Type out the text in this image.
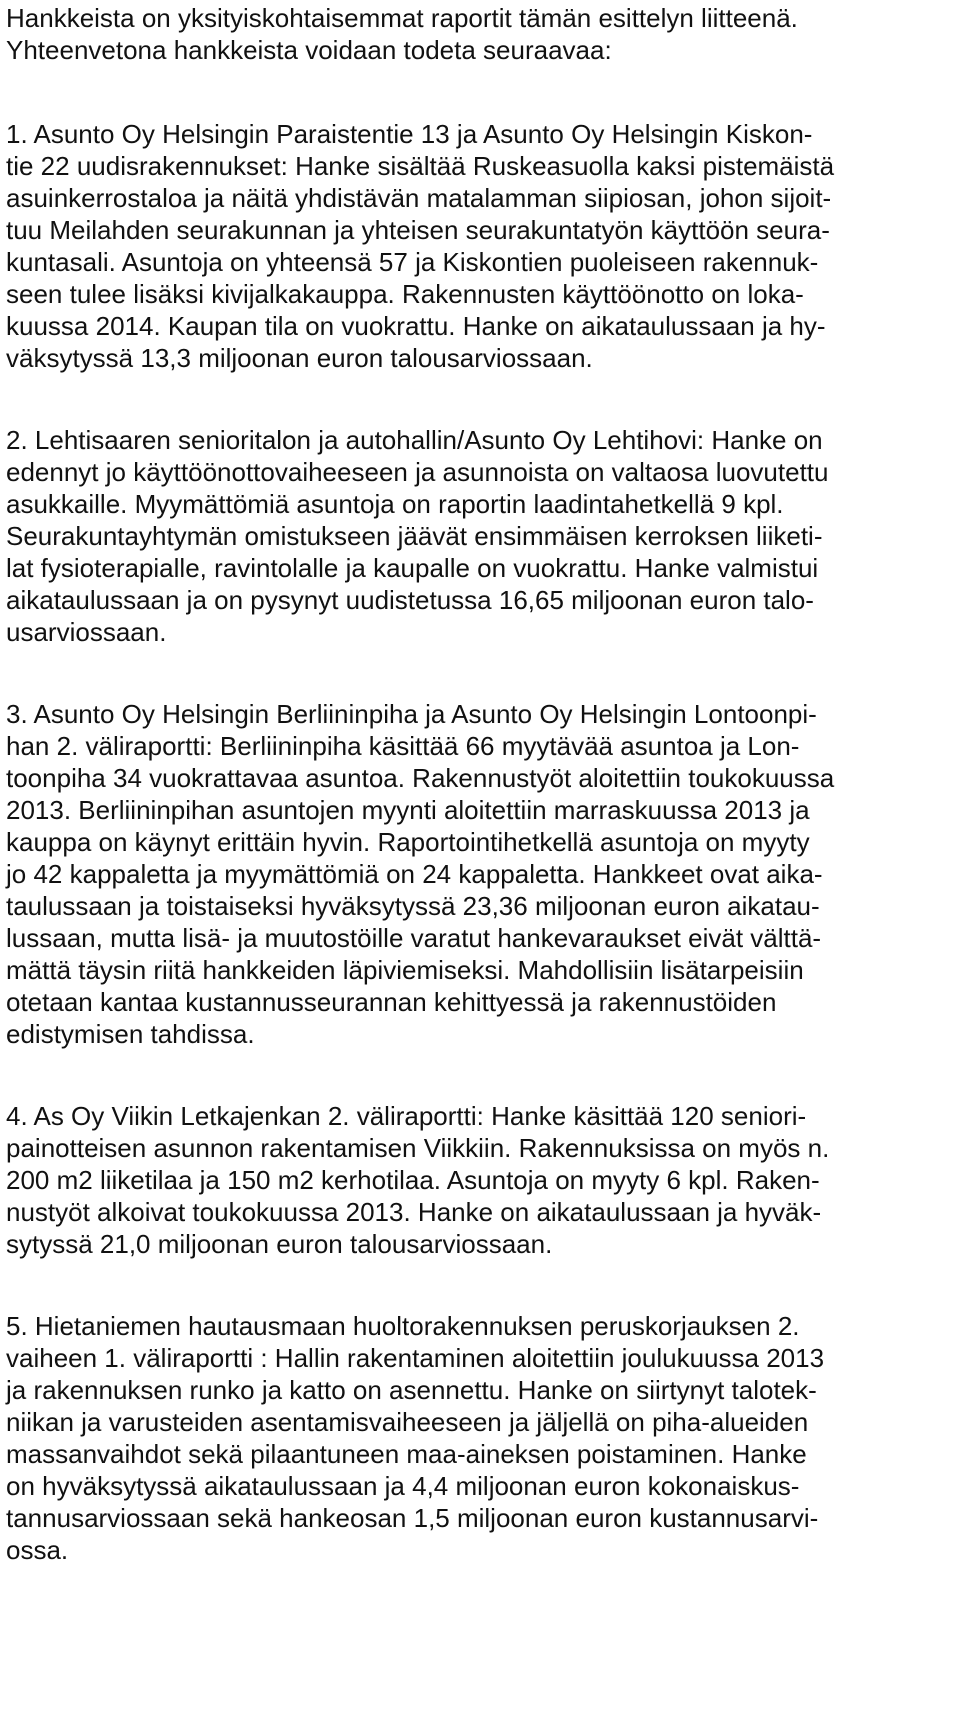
Hankkeista on yksityiskohtaisemmat raportit tämän esittelyn liitteenä.

Yhteenvetona hankkeista voidaan todeta seuraavaa:

1. Asunto Oy Helsingin Paraistentie 13 ja Asunto Oy Helsingin Kiskon-

tie 22 uudisrakennukset: Hanke sisältää Ruskeasuolla kaksi pistemäistä

asuinkerrostaloa ja näitä yhdistävän matalamman siipiosan, johon sijoit-

tuu Meilahden seurakunnan ja yhteisen seurakuntatyön käyttöön seura-

kuntasali. Asuntoja on yhteensä 57 ja Kiskontien puoleiseen rakennuk-

seen tulee lisäksi kivijalkakauppa. Rakennusten käyttöönotto on loka-

kuussa 2014. Kaupan tila on vuokrattu. Hanke on aikataulussaan ja hy-

väksytyssä 13,3 miljoonan euron talousarviossaan.

2. Lehtisaaren senioritalon ja autohallin/Asunto Oy Lehtihovi: Hanke on

edennyt jo käyttöönottovaiheeseen ja asunnoista on valtaosa luovutettu

asukkaille. Myymättömiä asuntoja on raportin laadintahetkellä 9 kpl.

Seurakuntayhtymän omistukseen jäävät ensimmäisen kerroksen liiketi-

lat fysioterapialle, ravintolalle ja kaupalle on vuokrattu. Hanke valmistui

aikataulussaan ja on pysynyt uudistetussa 16,65 miljoonan euron talo-

usarviossaan.

3. Asunto Oy Helsingin Berliininpiha ja Asunto Oy Helsingin Lontoonpi-

han 2. väliraportti: Berliininpiha käsittää 66 myytävää asuntoa ja Lon-

toonpiha 34 vuokrattavaa asuntoa. Rakennustyöt aloitettiin toukokuussa

2013. Berliininpihan asuntojen myynti aloitettiin marraskuussa 2013 ja

kauppa on käynyt erittäin hyvin. Raportointihetkellä asuntoja on myyty

jo 42 kappaletta ja myymättömiä on 24 kappaletta. Hankkeet ovat aika-

taulussaan ja toistaiseksi hyväksytyssä 23,36 miljoonan euron aikatau-

lussaan, mutta lisä- ja muutostöille varatut hankevaraukset eivät välttä-

mättä täysin riitä hankkeiden läpiviemiseksi. Mahdollisiin lisätarpeisiin

otetaan kantaa kustannusseurannan kehittyessä ja rakennustöiden

edistymisen tahdissa.

4. As Oy Viikin Letkajenkan 2. väliraportti: Hanke käsittää 120 seniori-

painotteisen asunnon rakentamisen Viikkiin. Rakennuksissa on myös n.

200 m2 liiketilaa ja 150 m2 kerhotilaa. Asuntoja on myyty 6 kpl. Raken-

nustyöt alkoivat toukokuussa 2013. Hanke on aikataulussaan ja hyväk-

sytyssä 21,0 miljoonan euron talousarviossaan.

5. Hietaniemen hautausmaan huoltorakennuksen peruskorjauksen 2.

vaiheen 1. väliraportti : Hallin rakentaminen aloitettiin joulukuussa 2013

ja rakennuksen runko ja katto on asennettu. Hanke on siirtynyt talotek-

niikan ja varusteiden asentamisvaiheeseen ja jäljellä on piha-alueiden

massanvaihdot sekä pilaantuneen maa-aineksen poistaminen. Hanke

on hyväksytyssä aikataulussaan ja 4,4 miljoonan euron kokonaiskus-

tannusarviossaan sekä hankeosan 1,5 miljoonan euron kustannusarvi-

ossa.
